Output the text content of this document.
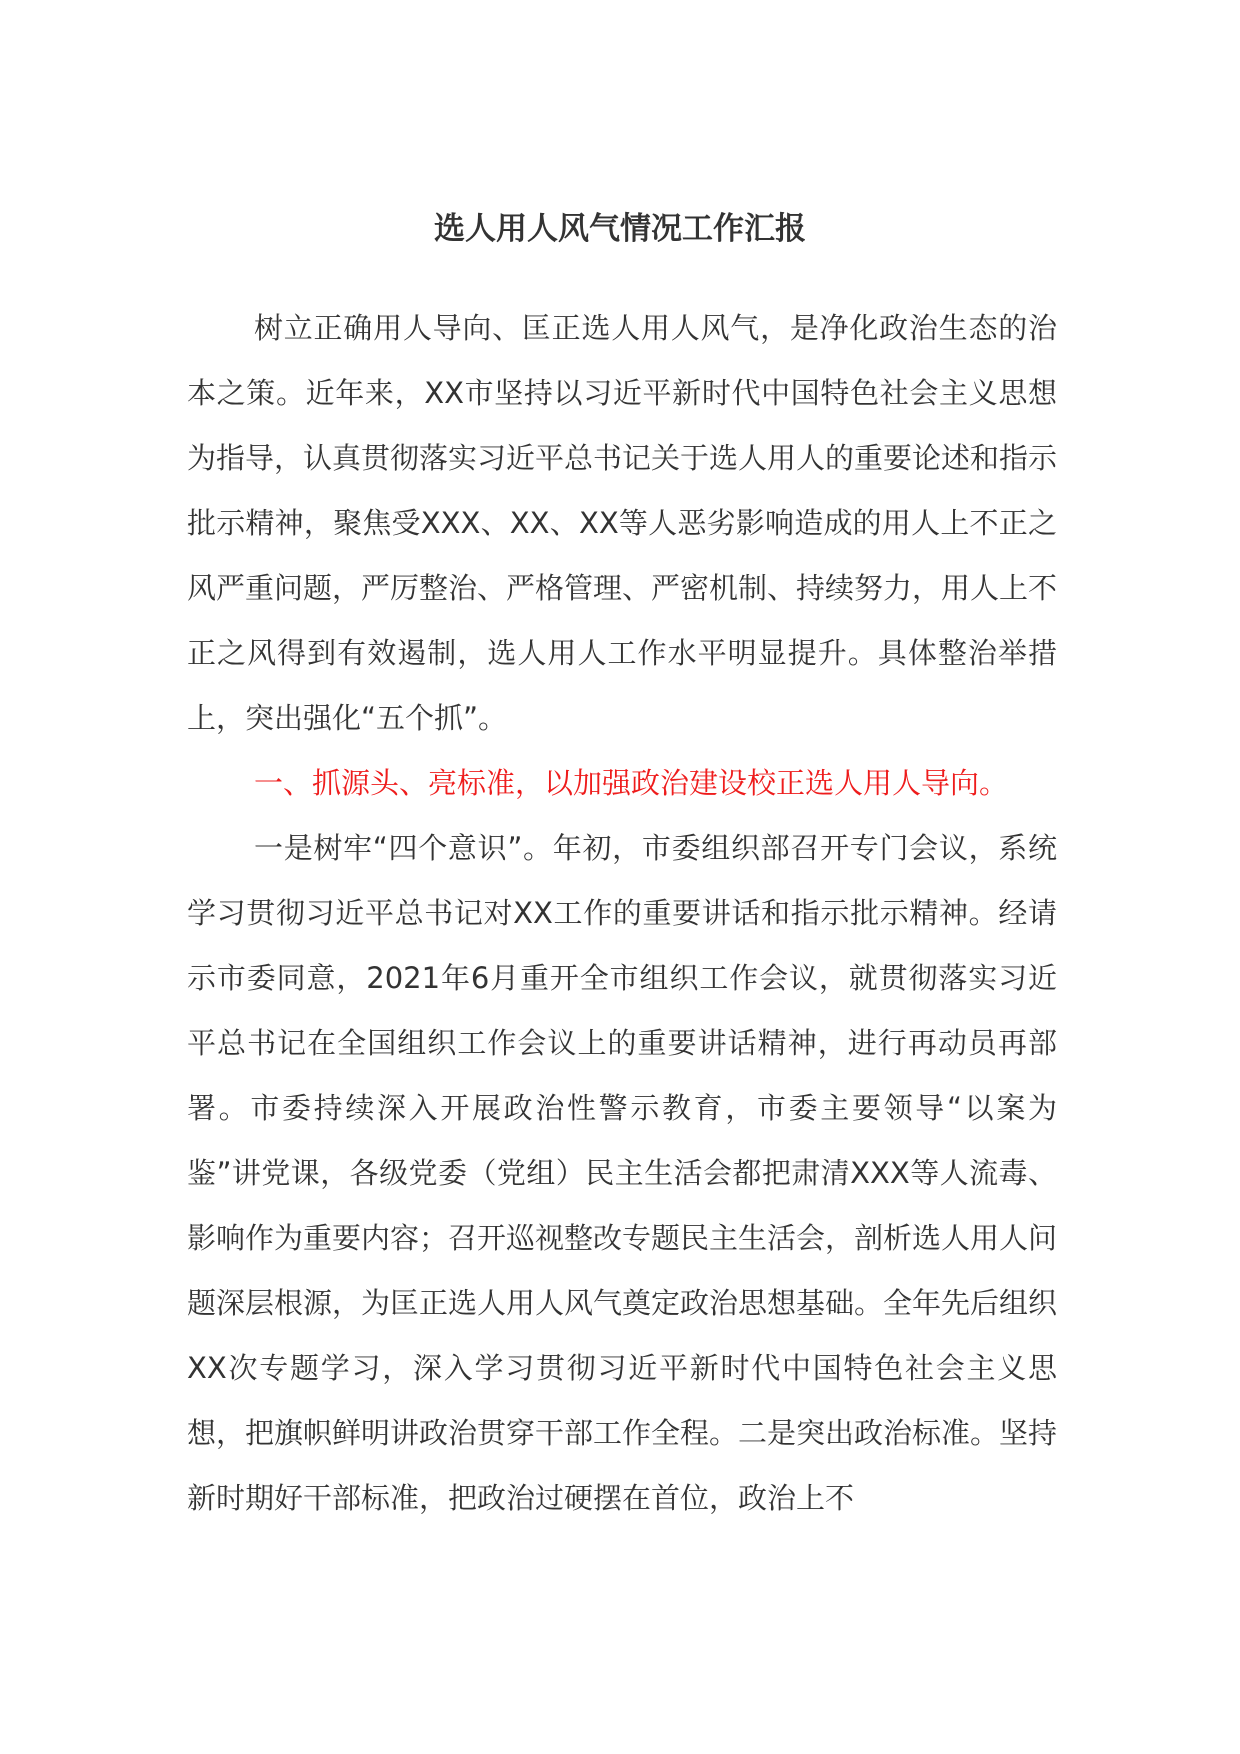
选人用人风气情况工作汇报

树立正确用人导向、匡正选人用人风气，是净化政治生态的治本之策。近年来，XX市坚持以习近平新时代中国特色社会主义思想为指导，认真贯彻落实习近平总书记关于选人用人的重要论述和指示批示精神，聚焦受XXX、XX、XX等人恶劣影响造成的用人上不正之风严重问题，严厉整治、严格管理、严密机制、持续努力，用人上不正之风得到有效遏制，选人用人工作水平明显提升。具体整治举措上，突出强化“五个抓”。

一、抓源头、亮标准，以加强政治建设校正选人用人导向。

一是树牢“四个意识”。年初，市委组织部召开专门会议，系统学习贯彻习近平总书记对XX工作的重要讲话和指示批示精神。经请示市委同意，2021年6月重开全市组织工作会议，就贯彻落实习近平总书记在全国组织工作会议上的重要讲话精神，进行再动员再部署。市委持续深入开展政治性警示教育，市委主要领导“以案为鉴”讲党课，各级党委（党组）民主生活会都把肃清XXX等人流毒、影响作为重要内容；召开巡视整改专题民主生活会，剖析选人用人问题深层根源，为匡正选人用人风气奠定政治思想基础。全年先后组织XX次专题学习，深入学习贯彻习近平新时代中国特色社会主义思想，把旗帜鲜明讲政治贯穿干部工作全程。二是突出政治标准。坚持新时期好干部标准，把政治过硬摆在首位，政治上不
